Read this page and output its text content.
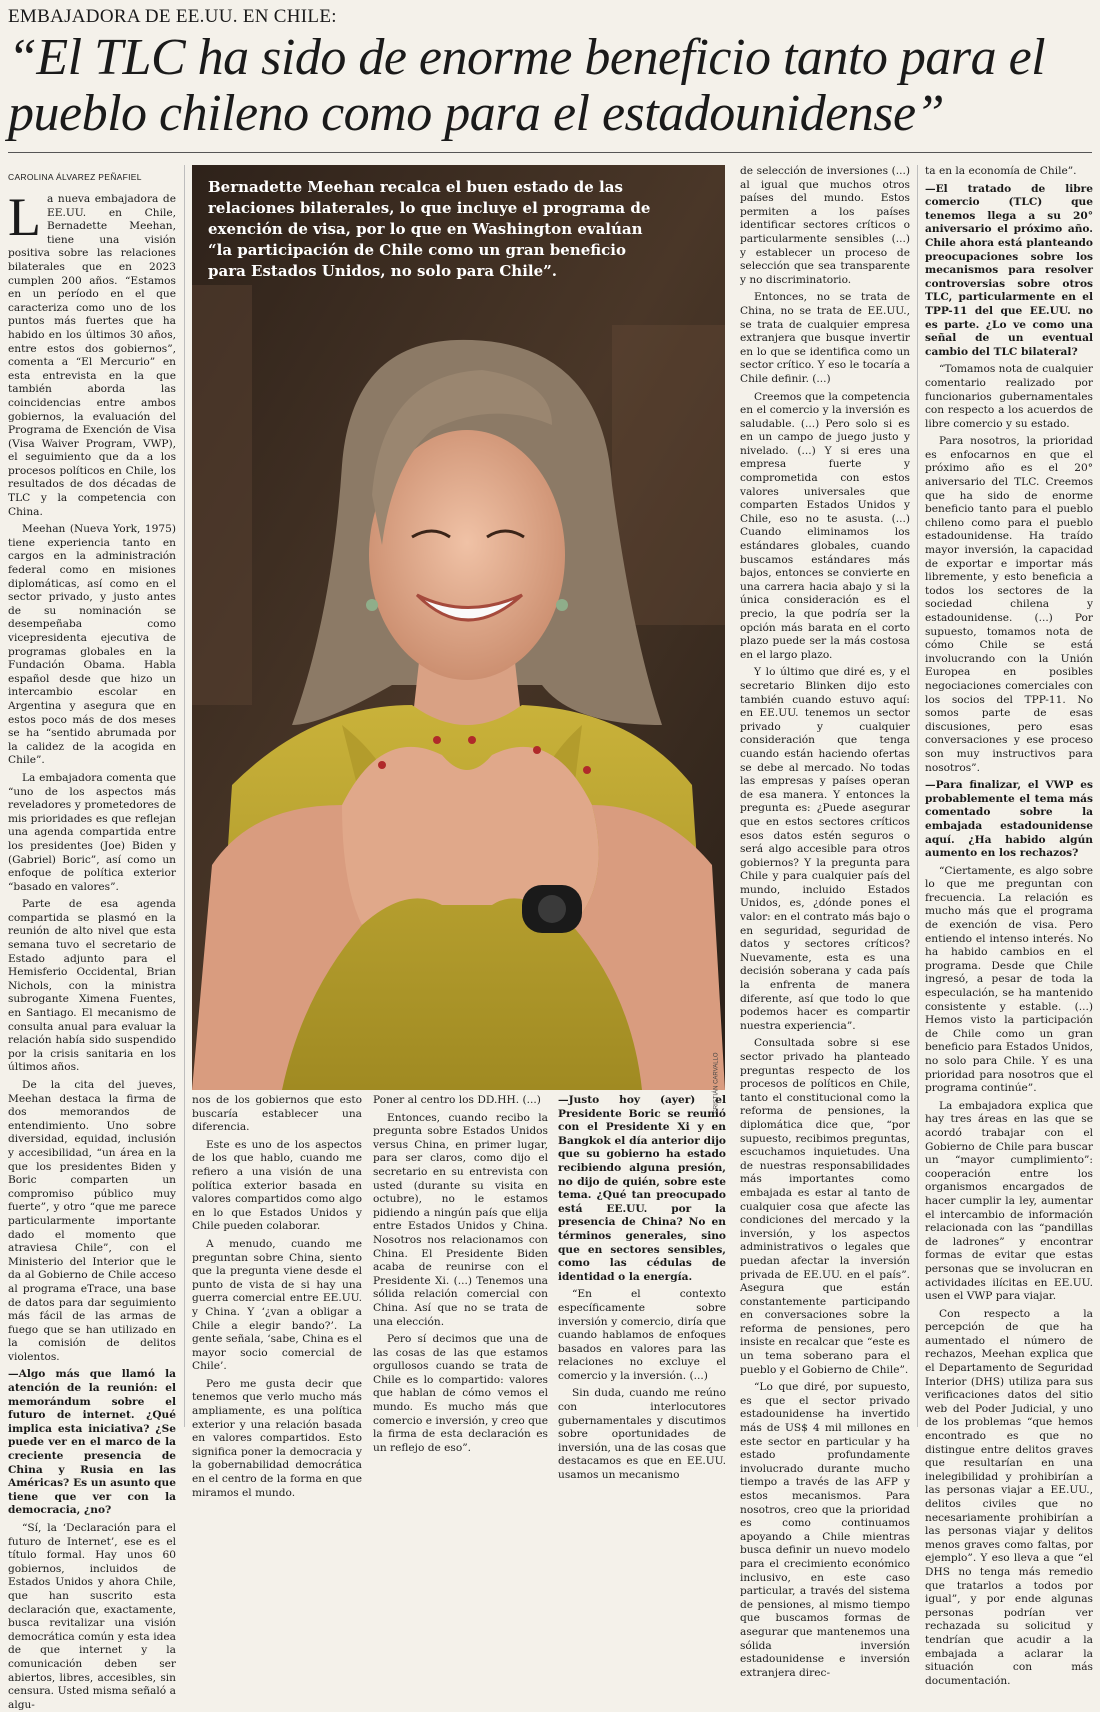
EMBAJADORA DE EE.UU. EN CHILE:
“El TLC ha sido de enorme beneficio tanto para el pueblo chileno como para el estadounidense”
CAROLINA ÁLVAREZ PEÑAFIEL
L a nueva embajadora de EE.UU. en Chile, Bernadette Meehan, tiene una visión positiva sobre las relaciones bilaterales que en 2023 cumplen 200 años. “Estamos en un período en el que caracteriza como uno de los puntos más fuertes que ha habido en los últimos 30 años, entre estos dos gobiernos”, comenta a “El Mercurio” en esta entrevista en la que también aborda las coincidencias entre ambos gobiernos, la evaluación del Programa de Exención de Visa (Visa Waiver Program, VWP), el seguimiento que da a los procesos políticos en Chile, los resultados de dos décadas de TLC y la competencia con China.

Meehan (Nueva York, 1975) tiene experiencia tanto en cargos en la administración federal como en misiones diplomáticas, así como en el sector privado, y justo antes de su nominación se desempeñaba como vicepresidenta ejecutiva de programas globales en la Fundación Obama. Habla español desde que hizo un intercambio escolar en Argentina y asegura que en estos poco más de dos meses se ha “sentido abrumada por la calidez de la acogida en Chile”.

La embajadora comenta que “uno de los aspectos más reveladores y prometedores de mis prioridades es que reflejan una agenda compartida entre los presidentes (Joe) Biden y (Gabriel) Boric”, así como un enfoque de política exterior “basado en valores”.

Parte de esa agenda compartida se plasmó en la reunión de alto nivel que esta semana tuvo el secretario de Estado adjunto para el Hemisferio Occidental, Brian Nichols, con la ministra subrogante Ximena Fuentes, en Santiago. El mecanismo de consulta anual para evaluar la relación había sido suspendido por la crisis sanitaria en los últimos años.

De la cita del jueves, Meehan destaca la firma de dos memorandos de entendimiento. Uno sobre diversidad, equidad, inclusión y accesibilidad, “un área en la que los presidentes Biden y Boric comparten un compromiso público muy fuerte”, y otro “que me parece particularmente importante dado el momento que atraviesa Chile”, con el Ministerio del Interior que le da al Gobierno de Chile acceso al programa eTrace, una base de datos para dar seguimiento más fácil de las armas de fuego que se han utilizado en la comisión de delitos violentos.

—Algo más que llamó la atención de la reunión: el memorándum sobre el futuro de internet. ¿Qué implica esta iniciativa? ¿Se puede ver en el marco de la creciente presencia de China y Rusia en las Américas? Es un asunto que tiene que ver con la democracia, ¿no?

“Sí, la ‘Declaración para el futuro de Internet’, ese es el título formal. Hay unos 60 gobiernos, incluidos de Estados Unidos y ahora Chile, que han suscrito esta declaración que, exactamente, busca revitalizar una visión democrática común y esta idea de que internet y la comunicación deben ser abiertos, libres, accesibles, sin censura. Usted misma señaló a algu-

Bernadette Meehan recalca el buen estado de las relaciones bilaterales, lo que incluye el programa de exención de visa, por lo que en Washington evalúan “la participación de Chile como un gran beneficio para Estados Unidos, no solo para Chile”.
CRISTIÁN CARVALLO

nos de los gobiernos que esto buscaría establecer una diferencia.

Este es uno de los aspectos de los que hablo, cuando me refiero a una visión de una política exterior basada en valores compartidos como algo en lo que Estados Unidos y Chile pueden colaborar.

A menudo, cuando me preguntan sobre China, siento que la pregunta viene desde el punto de vista de si hay una guerra comercial entre EE.UU. y China. Y ‘¿van a obligar a Chile a elegir bando?’. La gente señala, ‘sabe, China es el mayor socio comercial de Chile’.

Pero me gusta decir que tenemos que verlo mucho más ampliamente, es una política exterior y una relación basada en valores compartidos. Esto significa poner la democracia y la gobernabilidad democrática en el centro de la forma en que miramos el mundo.

Poner al centro los DD.HH. (...)

Entonces, cuando recibo la pregunta sobre Estados Unidos versus China, en primer lugar, para ser claros, como dijo el secretario en su entrevista con usted (durante su visita en octubre), no le estamos pidiendo a ningún país que elija entre Estados Unidos y China. Nosotros nos relacionamos con China. El Presidente Biden acaba de reunirse con el Presidente Xi. (...) Tenemos una sólida relación comercial con China. Así que no se trata de una elección.

Pero sí decimos que una de las cosas de las que estamos orgullosos cuando se trata de Chile es lo compartido: valores que hablan de cómo vemos el mundo. Es mucho más que comercio e inversión, y creo que la firma de esta declaración es un reflejo de eso”.

—Justo hoy (ayer) el Presidente Boric se reunió con el Presidente Xi y en Bangkok el día anterior dijo que su gobierno ha estado recibiendo alguna presión, no dijo de quién, sobre este tema. ¿Qué tan preocupado está EE.UU. por la presencia de China? No en términos generales, sino que en sectores sensibles, como las cédulas de identidad o la energía.

“En el contexto específicamente sobre inversión y comercio, diría que cuando hablamos de enfoques basados en valores para las relaciones no excluye el comercio y la inversión. (...)

Sin duda, cuando me reúno con interlocutores gubernamentales y discutimos sobre oportunidades de inversión, una de las cosas que destacamos es que en EE.UU. usamos un mecanismo

de selección de inversiones (...) al igual que muchos otros países del mundo. Estos permiten a los países identificar sectores críticos o particularmente sensibles (...) y establecer un proceso de selección que sea transparente y no discriminatorio.

Entonces, no se trata de China, no se trata de EE.UU., se trata de cualquier empresa extranjera que busque invertir en lo que se identifica como un sector crítico. Y eso le tocaría a Chile definir. (...)

Creemos que la competencia en el comercio y la inversión es saludable. (...) Pero solo si es en un campo de juego justo y nivelado. (...) Y si eres una empresa fuerte y comprometida con estos valores universales que comparten Estados Unidos y Chile, eso no te asusta. (...) Cuando eliminamos los estándares globales, cuando buscamos estándares más bajos, entonces se convierte en una carrera hacia abajo y si la única consideración es el precio, la que podría ser la opción más barata en el corto plazo puede ser la más costosa en el largo plazo.

Y lo último que diré es, y el secretario Blinken dijo esto también cuando estuvo aquí: en EE.UU. tenemos un sector privado y cualquier consideración que tenga cuando están haciendo ofertas se debe al mercado. No todas las empresas y países operan de esa manera. Y entonces la pregunta es: ¿Puede asegurar que en estos sectores críticos esos datos estén seguros o será algo accesible para otros gobiernos? Y la pregunta para Chile y para cualquier país del mundo, incluido Estados Unidos, es, ¿dónde pones el valor: en el contrato más bajo o en seguridad, seguridad de datos y sectores críticos? Nuevamente, esta es una decisión soberana y cada país la enfrenta de manera diferente, así que todo lo que podemos hacer es compartir nuestra experiencia”.

Consultada sobre si ese sector privado ha planteado preguntas respecto de los procesos de políticos en Chile, tanto el constitucional como la reforma de pensiones, la diplomática dice que, “por supuesto, recibimos preguntas, escuchamos inquietudes. Una de nuestras responsabilidades más importantes como embajada es estar al tanto de cualquier cosa que afecte las condiciones del mercado y la inversión, y los aspectos administrativos o legales que puedan afectar la inversión privada de EE.UU. en el país”. Asegura que están constantemente participando en conversaciones sobre la reforma de pensiones, pero insiste en recalcar que “este es un tema soberano para el pueblo y el Gobierno de Chile”.

“Lo que diré, por supuesto, es que el sector privado estadounidense ha invertido más de US$ 4 mil millones en este sector en particular y ha estado profundamente involucrado durante mucho tiempo a través de las AFP y estos mecanismos. Para nosotros, creo que la prioridad es como continuamos apoyando a Chile mientras busca definir un nuevo modelo para el crecimiento económico inclusivo, en este caso particular, a través del sistema de pensiones, al mismo tiempo que buscamos formas de asegurar que mantenemos una sólida inversión estadounidense e inversión extranjera direc-

ta en la economía de Chile”.

—El tratado de libre comercio (TLC) que tenemos llega a su 20° aniversario el próximo año. Chile ahora está planteando preocupaciones sobre los mecanismos para resolver controversias sobre otros TLC, particularmente en el TPP-11 del que EE.UU. no es parte. ¿Lo ve como una señal de un eventual cambio del TLC bilateral?

“Tomamos nota de cualquier comentario realizado por funcionarios gubernamentales con respecto a los acuerdos de libre comercio y su estado.

Para nosotros, la prioridad es enfocarnos en que el próximo año es el 20° aniversario del TLC. Creemos que ha sido de enorme beneficio tanto para el pueblo chileno como para el pueblo estadounidense. Ha traído mayor inversión, la capacidad de exportar e importar más libremente, y esto beneficia a todos los sectores de la sociedad chilena y estadounidense. (...) Por supuesto, tomamos nota de cómo Chile se está involucrando con la Unión Europea en posibles negociaciones comerciales con los socios del TPP-11. No somos parte de esas discusiones, pero esas conversaciones y ese proceso son muy instructivos para nosotros”.

—Para finalizar, el VWP es probablemente el tema más comentado sobre la embajada estadounidense aquí. ¿Ha habido algún aumento en los rechazos?

“Ciertamente, es algo sobre lo que me preguntan con frecuencia. La relación es mucho más que el programa de exención de visa. Pero entiendo el intenso interés. No ha habido cambios en el programa. Desde que Chile ingresó, a pesar de toda la especulación, se ha mantenido consistente y estable. (...) Hemos visto la participación de Chile como un gran beneficio para Estados Unidos, no solo para Chile. Y es una prioridad para nosotros que el programa continúe”.

La embajadora explica que hay tres áreas en las que se acordó trabajar con el Gobierno de Chile para buscar un “mayor cumplimiento”: cooperación entre los organismos encargados de hacer cumplir la ley, aumentar el intercambio de información relacionada con las “pandillas de ladrones” y encontrar formas de evitar que estas personas que se involucran en actividades ilícitas en EE.UU. usen el VWP para viajar.

Con respecto a la percepción de que ha aumentado el número de rechazos, Meehan explica que el Departamento de Seguridad Interior (DHS) utiliza para sus verificaciones datos del sitio web del Poder Judicial, y uno de los problemas “que hemos encontrado es que no distingue entre delitos graves que resultarían en una inelegibilidad y prohibirían a las personas viajar a EE.UU., delitos civiles que no necesariamente prohibirían a las personas viajar y delitos menos graves como faltas, por ejemplo”. Y eso lleva a que “el DHS no tenga más remedio que tratarlos a todos por igual”, y por ende algunas personas podrían ver rechazada su solicitud y tendrían que acudir a la embajada a aclarar la situación con más documentación.
